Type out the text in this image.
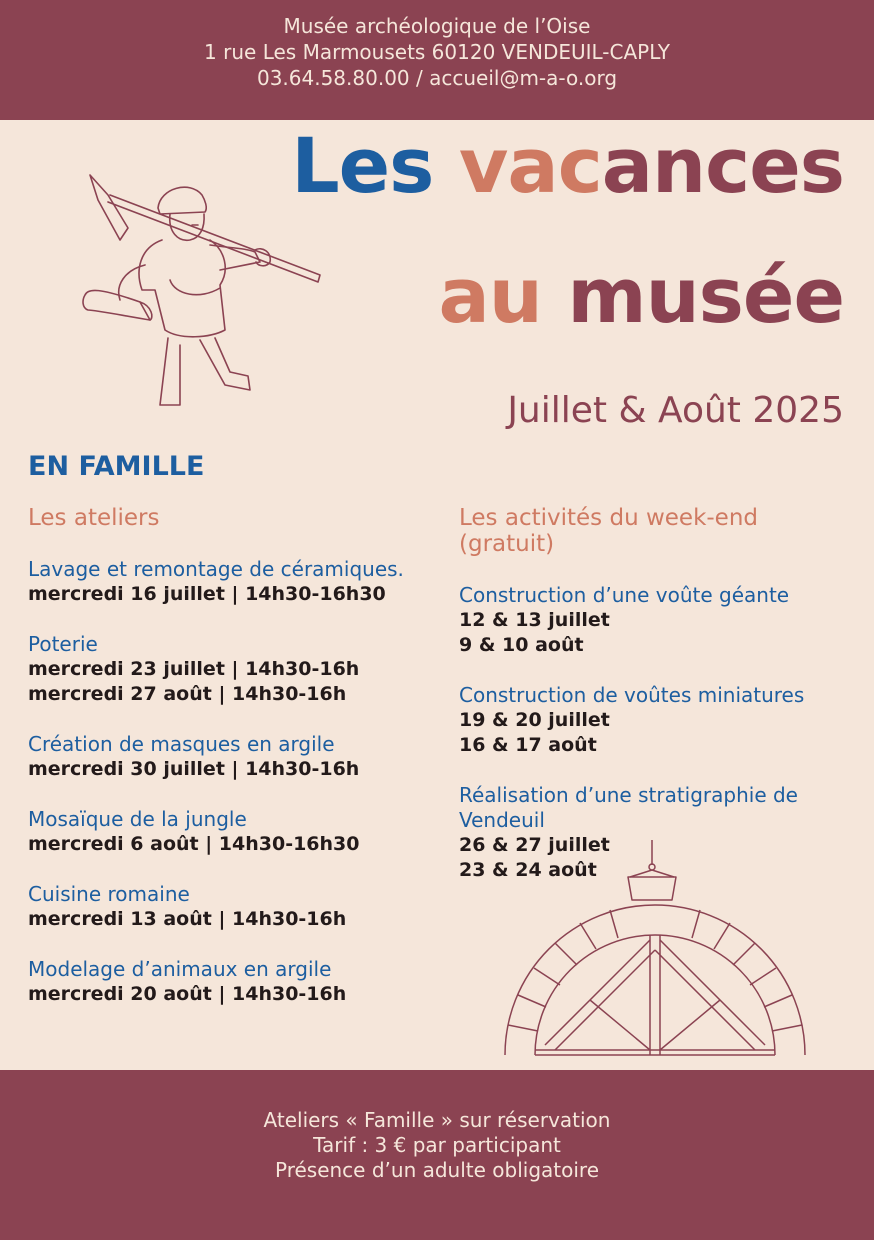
Musée archéologique de l’Oise
1 rue Les Marmousets 60120 VENDEUIL-CAPLY
03.64.58.80.00 / accueil@m-a-o.org
Les vacances
au musée
Juillet & Août 2025
EN FAMILLE
Les ateliers
Lavage et remontage de céramiques.
mercredi 16 juillet | 14h30-16h30
Poterie
mercredi 23 juillet | 14h30-16h
mercredi 27 août | 14h30-16h
Création de masques en argile
mercredi 30 juillet | 14h30-16h
Mosaïque de la jungle
mercredi 6 août | 14h30-16h30
Cuisine romaine
mercredi 13 août | 14h30-16h
Modelage d’animaux en argile
mercredi 20 août | 14h30-16h
Les activités du week-end (gratuit)
Construction d’une voûte géante
12 & 13 juillet
9 & 10 août
Construction de voûtes miniatures
19 & 20 juillet
16 & 17 août
Réalisation d’une stratigraphie de Vendeuil
26 & 27 juillet
23 & 24 août
Ateliers « Famille » sur réservation
Tarif : 3 € par participant
Présence d’un adulte obligatoire
